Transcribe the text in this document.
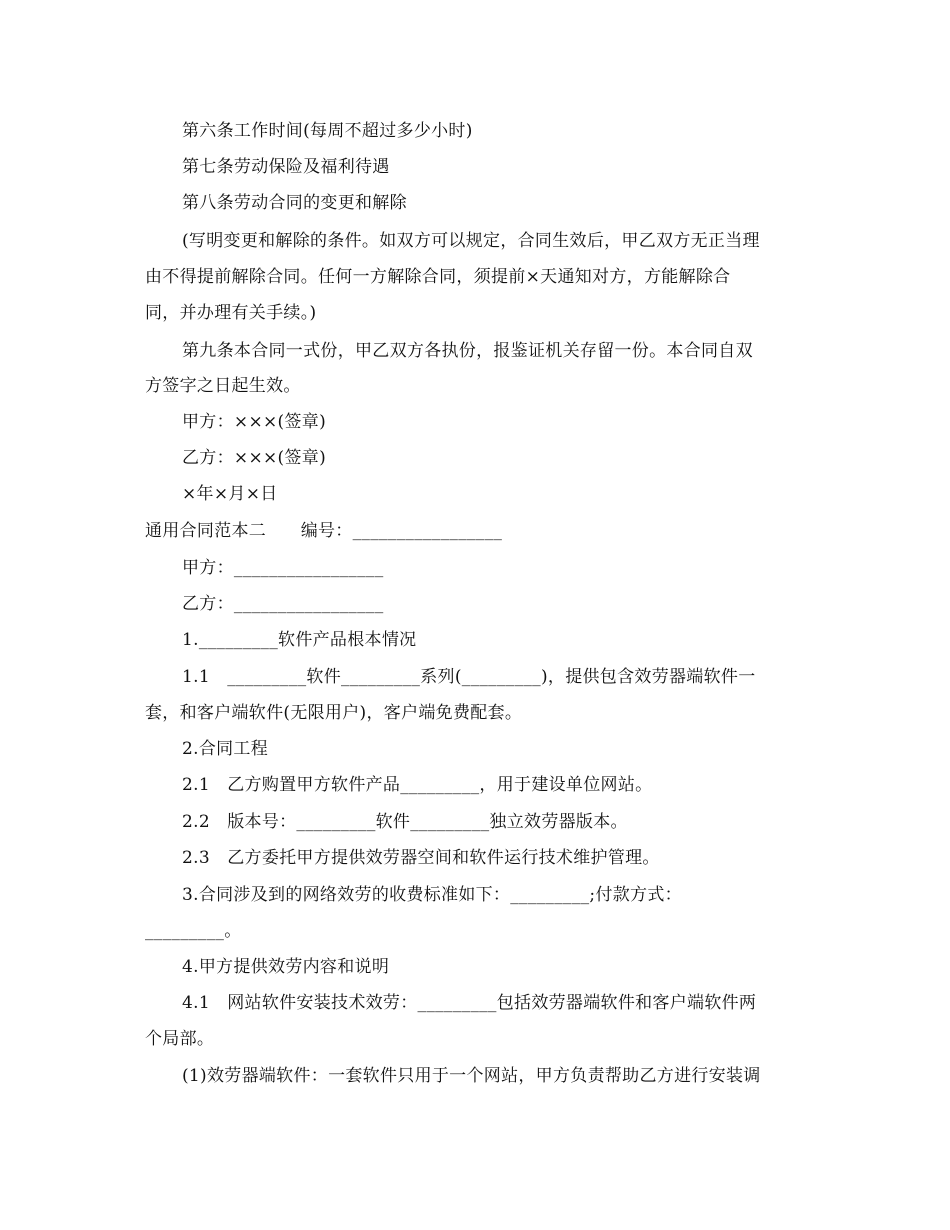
第六条工作时间(每周不超过多少小时)
第七条劳动保险及福利待遇
第八条劳动合同的变更和解除
(写明变更和解除的条件。如双方可以规定，合同生效后，甲乙双方无正当理
由不得提前解除合同。任何一方解除合同，须提前×天通知对方，方能解除合
同，并办理有关手续。)
第九条本合同一式份，甲乙双方各执份，报鉴证机关存留一份。本合同自双
方签字之日起生效。
甲方：×××(签章)
乙方：×××(签章)
×年×月×日
通用合同范本二　　编号：_________________
甲方：_________________
乙方：_________________
1._________软件产品根本情况
1.1　_________软件_________系列(_________)，提供包含效劳器端软件一
套，和客户端软件(无限用户)，客户端免费配套。
2.合同工程
2.1　乙方购置甲方软件产品_________，用于建设单位网站。
2.2　版本号：_________软件_________独立效劳器版本。
2.3　乙方委托甲方提供效劳器空间和软件运行技术维护管理。
3.合同涉及到的网络效劳的收费标准如下：_________;付款方式：
_________。
4.甲方提供效劳内容和说明
4.1　网站软件安装技术效劳：_________包括效劳器端软件和客户端软件两
个局部。
(1)效劳器端软件：一套软件只用于一个网站，甲方负责帮助乙方进行安装调
